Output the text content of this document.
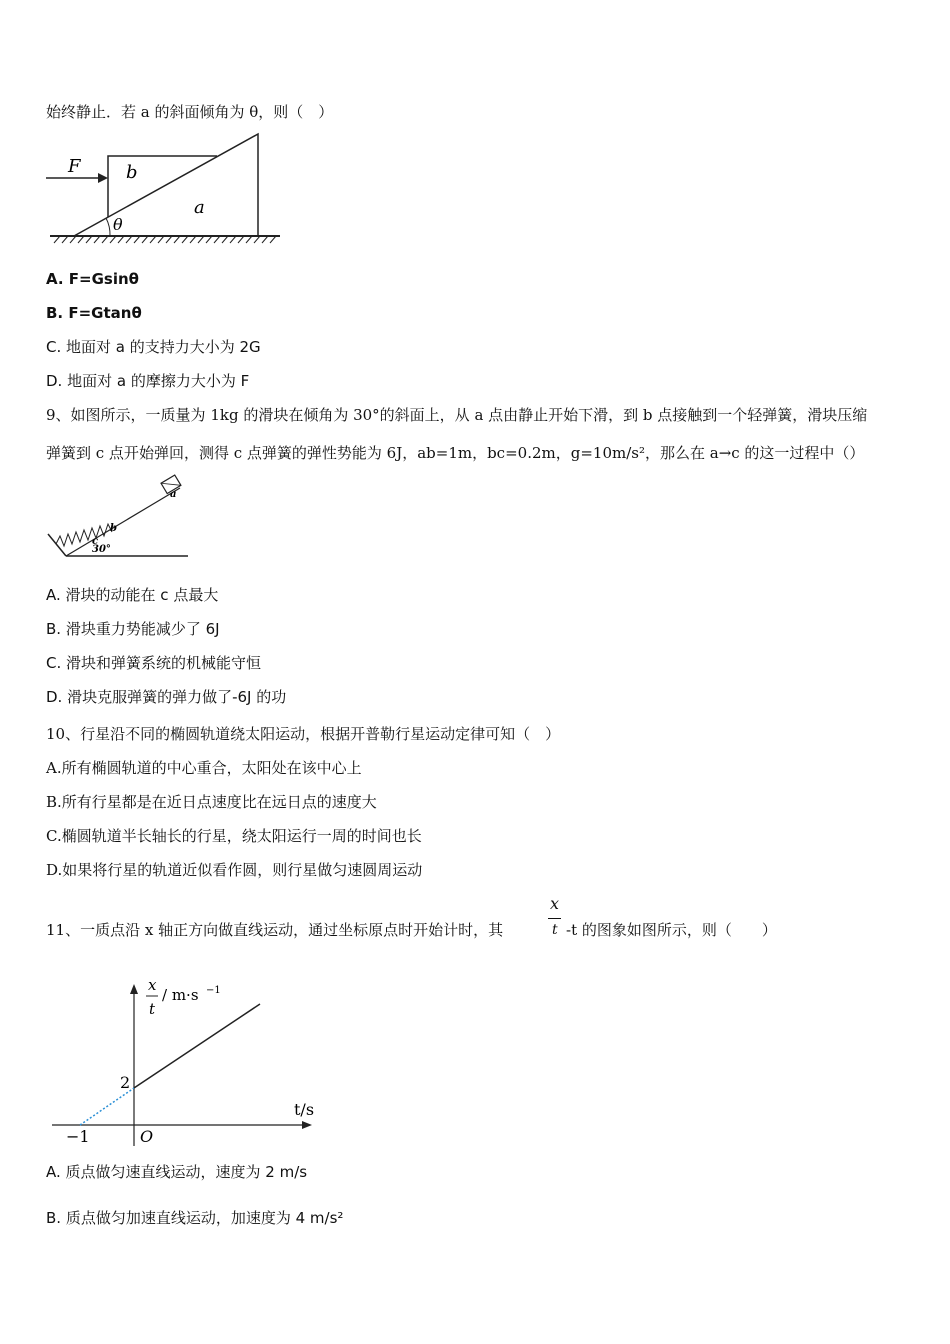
始终静止．若 a 的斜面倾角为 θ，则（　）
F	b
a
θ
A. F=Gsinθ
B. F=Gtanθ
C. 地面对 a 的支持力大小为 2G
D. 地面对 a 的摩擦力大小为 F
9、如图所示，一质量为 1kg 的滑块在倾角为 30°的斜面上，从 a 点由静止开始下滑，到 b 点接触到一个轻弹簧，滑块压缩
弹簧到 c 点开始弹回，测得 c 点弹簧的弹性势能为 6J，ab=1m，bc=0.2m，g=10m/s²，那么在 a→c 的这一过程中（）
a
b
c
30°
A. 滑块的动能在 c 点最大
B. 滑块重力势能减少了 6J
C. 滑块和弹簧系统的机械能守恒
D. 滑块克服弹簧的弹力做了-6J 的功
10、行星沿不同的椭圆轨道绕太阳运动，根据开普勒行星运动定律可知（　）
A.所有椭圆轨道的中心重合，太阳处在该中心上
B.所有行星都是在近日点速度比在远日点的速度大
C.椭圆轨道半长轴长的行星，绕太阳运行一周的时间也长
D.如果将行星的轨道近似看作圆，则行星做匀速圆周运动
11、一质点沿 x 轴正方向做直线运动，通过坐标原点时开始计时，其
x
t -t 的图象如图所示，则（　　）
x
t
/ m·s −1
x/t / m·s⁻¹
t/s
2
O
−1
A. 质点做匀速直线运动，速度为 2 m/s
B. 质点做匀加速直线运动，加速度为 4 m/s²
